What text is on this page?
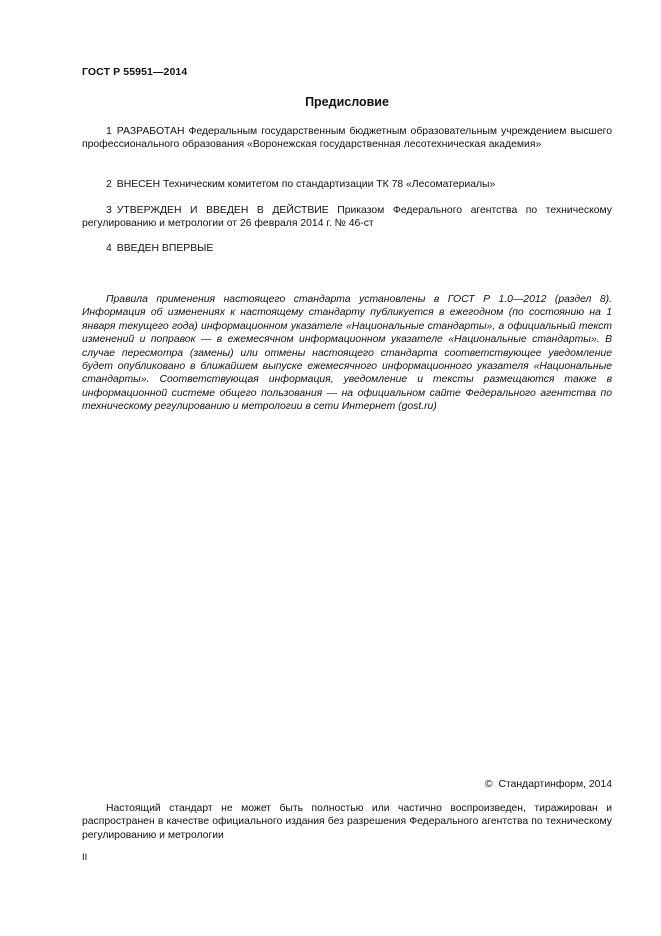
ГОСТ Р 55951—2014
Предисловие

1 РАЗРАБОТАН Федеральным государственным бюджетным образовательным учреждением высшего профессионального образования «Воронежская государственная лесотехническая академия»

2 ВНЕСЕН Техническим комитетом по стандартизации ТК 78 «Лесоматериалы»

3 УТВЕРЖДЕН И ВВЕДЕН В ДЕЙСТВИЕ Приказом Федерального агентства по техническому регулированию и метрологии от 26 февраля 2014 г. № 46-ст

4 ВВЕДЕН ВПЕРВЫЕ

Правила применения настоящего стандарта установлены в ГОСТ Р 1.0—2012 (раздел 8). Информация об изменениях к настоящему стандарту публикуется в ежегодном (по состоянию на 1 января текущего года) информационном указателе «Национальные стандарты», а официальный текст изменений и поправок — в ежемесячном информационном указателе «Национальные стандарты». В случае пересмотра (замены) или отмены настоящего стандарта соответствующее уведомление будет опубликовано в ближайшем выпуске ежемесячного информационного указателя «Национальные стандарты». Соответствующая информация, уведомление и тексты размещаются также в информационной системе общего пользования — на официальном сайте Федерального агентства по техническому регулированию и метрологии в сети Интернет (gost.ru)

© Стандартинформ, 2014

Настоящий стандарт не может быть полностью или частично воспроизведен, тиражирован и распространен в качестве официального издания без разрешения Федерального агентства по техническому регулированию и метрологии

II
